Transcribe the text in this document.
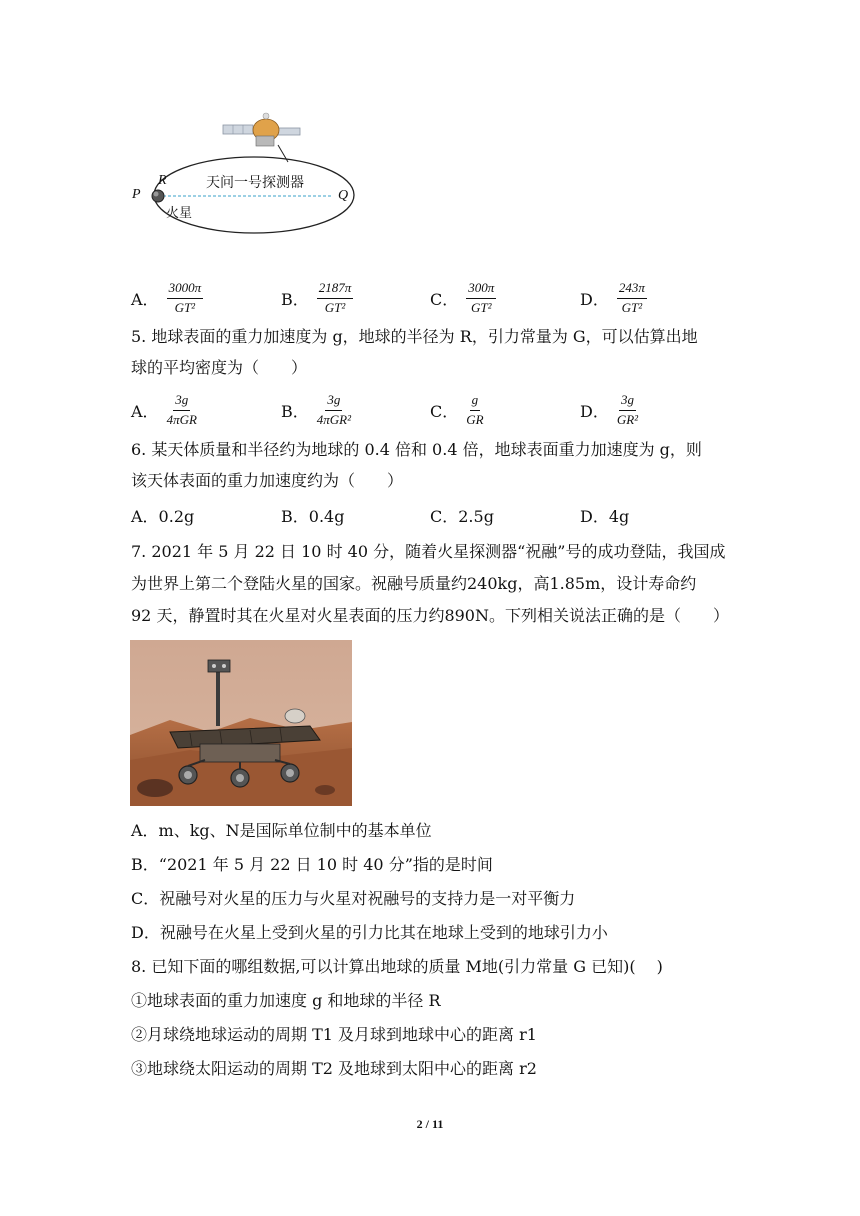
P
R
Q
火星
天问一号探测器
A． $\frac{3000\pi}{\text{GT²}}$	B． $\frac{2187\pi}{\text{GT²}}$	C． $\frac{300\pi}{\text{GT²}}$	D． $\frac{243\pi}{\text{GT²}}$
5. 地球表面的重力加速度为 g，地球的半径为 R，引力常量为 G，可以估算出地
球的平均密度为（　　）
A． $\frac{3g}{\text{4πGR}}$	B． $\frac{3g}{\text{4πGR²}}$	C． $\frac{g}{GR}$	D． $\frac{3g}{\text{GR²}}$
6. 某天体质量和半径约为地球的 0.4 倍和 0.4 倍，地球表面重力加速度为 g，则
该天体表面的重力加速度约为（　　）
A．0.2g	B．0.4g	C．2.5g	D．4g
7. 2021 年 5 月 22 日 10 时 40 分，随着火星探测器“祝融”号的成功登陆，我国成
为世界上第二个登陆火星的国家。祝融号质量约240kg，高1.85m，设计寿命约
92 天，静置时其在火星对火星表面的压力约890N。下列相关说法正确的是（　　）
A．m、kg、N是国际单位制中的基本单位
B．“2021 年 5 月 22 日 10 时 40 分”指的是时间
C．祝融号对火星的压力与火星对祝融号的支持力是一对平衡力
D．祝融号在火星上受到火星的引力比其在地球上受到的地球引力小
8. 已知下面的哪组数据,可以计算出地球的质量 M地(引力常量 G 已知)(　 )
①地球表面的重力加速度 g 和地球的半径 R
②月球绕地球运动的周期 T1 及月球到地球中心的距离 r1
③地球绕太阳运动的周期 T2 及地球到太阳中心的距离 r2
2 / 11
